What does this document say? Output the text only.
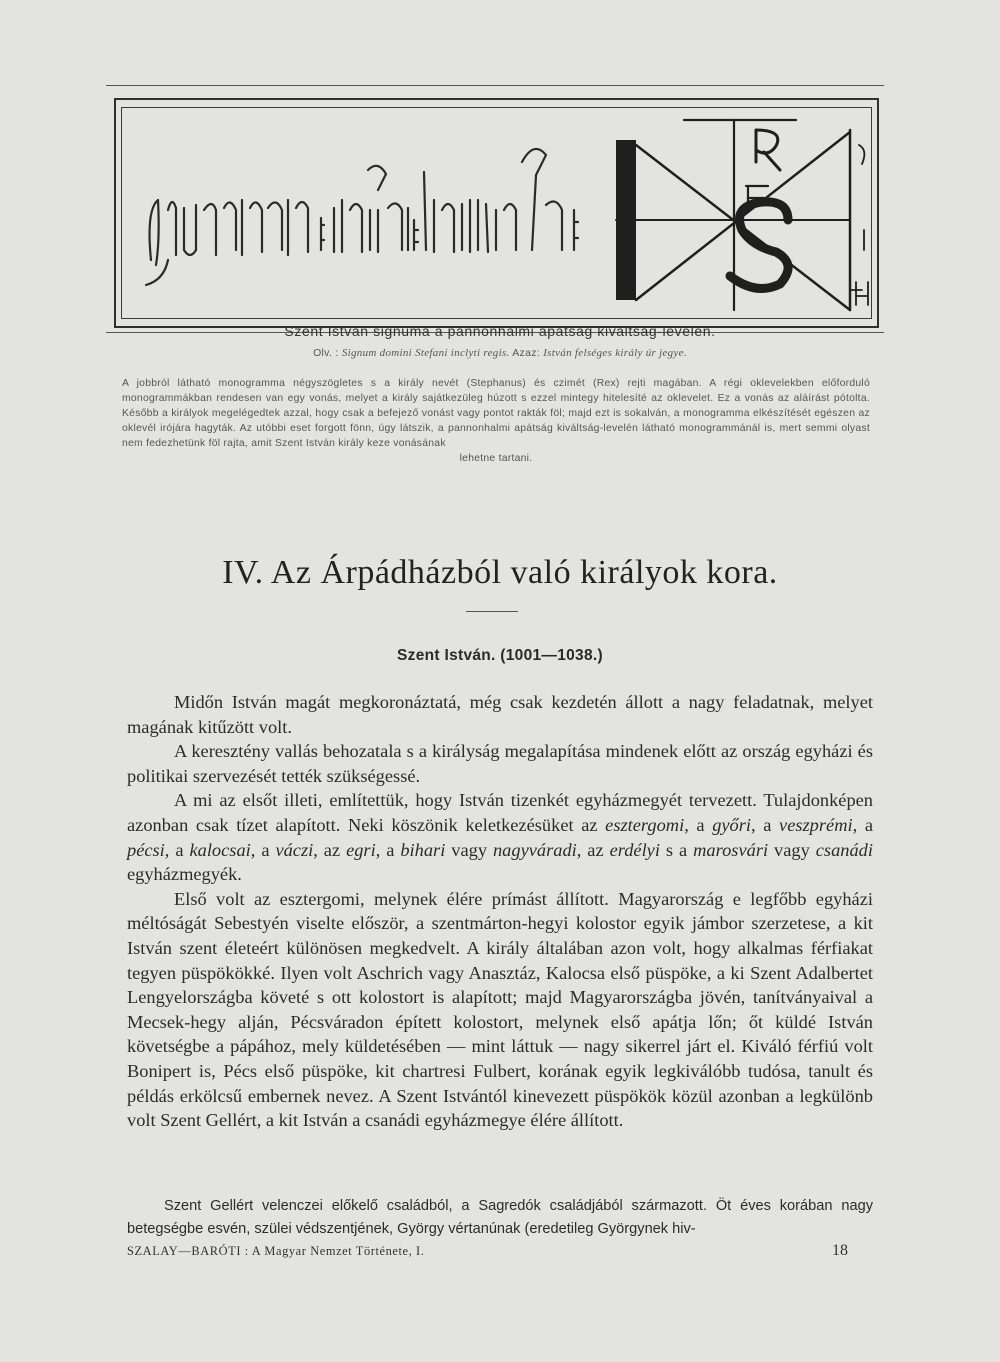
Szent István signuma a pannonhalmi apátság kiváltság-levelén.
Olv. : Signum domini Stefani inclyti regis. Azaz: István felséges király úr jegye.
A jobbról látható monogramma négyszögletes s a király nevét (Stephanus) és czimét (Rex) rejti magában. A régi oklevelekben előforduló monogrammákban rendesen van egy vonás, melyet a király sajátkezüleg húzott s ezzel mintegy hitelesíté az oklevelet. Ez a vonás az aláírást pótolta. Később a királyok megelégedtek azzal, hogy csak a befejező vonást vagy pontot rakták föl; majd ezt is sokalván, a monogramma elkészítését egészen az oklevél irójára hagyták. Az utóbbi eset forgott fönn, úgy látszik, a pannonhalmi apátság kiváltság-levelén látható monogrammánál is, mert semmi olyast nem fedezhetünk föl rajta, amit Szent István király keze vonásának
lehetne tartani.
IV. Az Árpádházból való királyok kora.
Szent István. (1001—1038.)

Midőn István magát megkoronáztatá, még csak kezdetén állott a nagy feladatnak, melyet magának kitűzött volt.

A keresztény vallás behozatala s a királyság megalapítása mindenek előtt az ország egyházi és politikai szervezését tették szükségessé.

A mi az elsőt illeti, említettük, hogy István tizenkét egyházmegyét tervezett. Tulajdonképen azonban csak tízet alapított. Neki köszönik keletkezésüket az esztergomi, a győri, a veszprémi, a pécsi, a kalocsai, a váczi, az egri, a bihari vagy nagyváradi, az erdélyi s a marosvári vagy csanádi egyházmegyék.

Első volt az esztergomi, melynek élére prímást állított. Magyarország e legfőbb egyházi méltóságát Sebestyén viselte először, a szentmárton-hegyi kolostor egyik jámbor szerzetese, a kit István szent életeért különösen megkedvelt. A király általában azon volt, hogy alkalmas férfiakat tegyen püspökökké. Ilyen volt Aschrich vagy Anasztáz, Kalocsa első püspöke, a ki Szent Adalbertet Lengyelországba követé s ott kolostort is alapított; majd Magyarországba jövén, tanítványaival a Mecsek-hegy alján, Pécsváradon épített kolostort, melynek első apátja lőn; őt küldé István követségbe a pápához, mely küldetésében — mint láttuk — nagy sikerrel járt el. Kiváló férfiú volt Bonipert is, Pécs első püspöke, kit chartresi Fulbert, korának egyik legkiválóbb tudósa, tanult és példás erkölcsű embernek nevez. A Szent Istvántól kinevezett püspökök közül azonban a legkülönb volt Szent Gellért, a kit István a csanádi egyházmegye élére állított.

Szent Gellért velenczei előkelő családból, a Sagredók családjából származott. Öt éves korában nagy betegségbe esvén, szülei védszentjének, György vértanúnak (eredetileg Györgynek hiv-

SZALAY—BARÓTI : A Magyar Nemzet Története, I.	18
